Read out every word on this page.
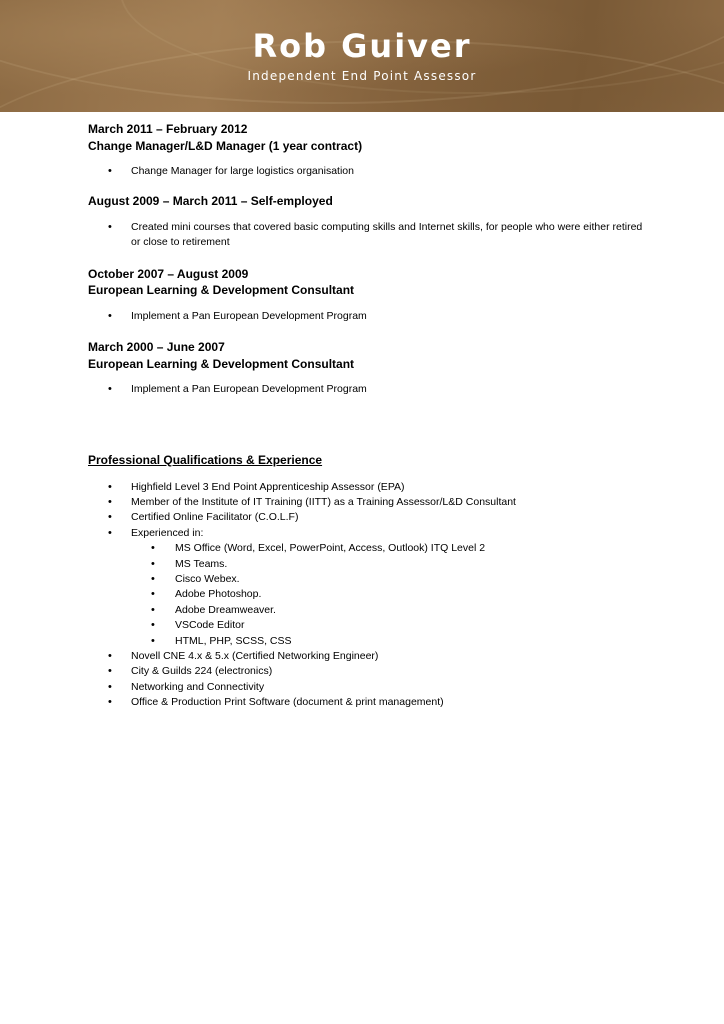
Rob Guiver
Independent End Point Assessor

March 2011 – February 2012

Change Manager/L&D Manager (1 year contract)

• Change Manager for large logistics organisation

August 2009 – March 2011 – Self-employed

• Created mini courses that covered basic computing skills and Internet skills, for people who were either retired or close to retirement

October 2007 – August 2009

European Learning & Development Consultant

• Implement a Pan European Development Program

March 2000 – June 2007

European Learning & Development Consultant

• Implement a Pan European Development Program

Professional Qualifications & Experience

• Highfield Level 3 End Point Apprenticeship Assessor (EPA)
• Member of the Institute of IT Training (IITT) as a Training Assessor/L&D Consultant
• Certified Online Facilitator (C.O.L.F)
• Experienced in:
• MS Office (Word, Excel, PowerPoint, Access, Outlook) ITQ Level 2
• MS Teams.
• Cisco Webex.
• Adobe Photoshop.
• Adobe Dreamweaver.
• VSCode Editor
• HTML, PHP, SCSS, CSS
• Novell CNE 4.x & 5.x (Certified Networking Engineer)
• City & Guilds 224 (electronics)
• Networking and Connectivity
• Office & Production Print Software (document & print management)
